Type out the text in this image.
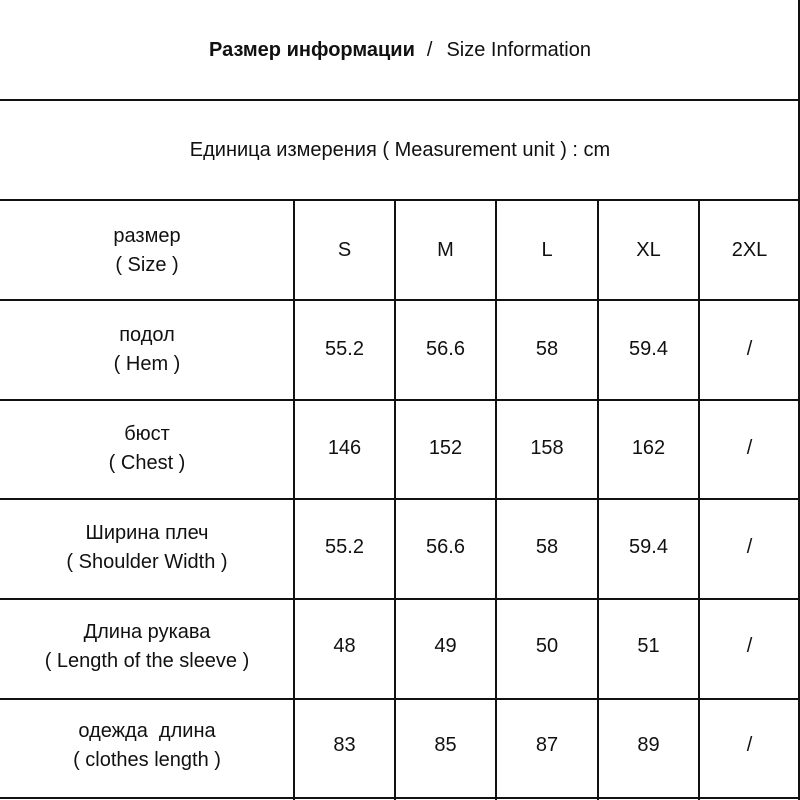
Размер информации / Size Information
Единица измерения ( Measurement unit ) : cm
размер
( Size )	S	M	L	XL	2XL

подол
( Hem )	55.2	56.6	58	59.4	/

бюст
( Chest )	146	152	158	162	/

Ширина плеч
( Shoulder Width )	55.2	56.6	58	59.4	/

Длина рукава
( Length of the sleeve )	48	49	50	51	/

одежда  длина
( clothes length )	83	85	87	89	/
